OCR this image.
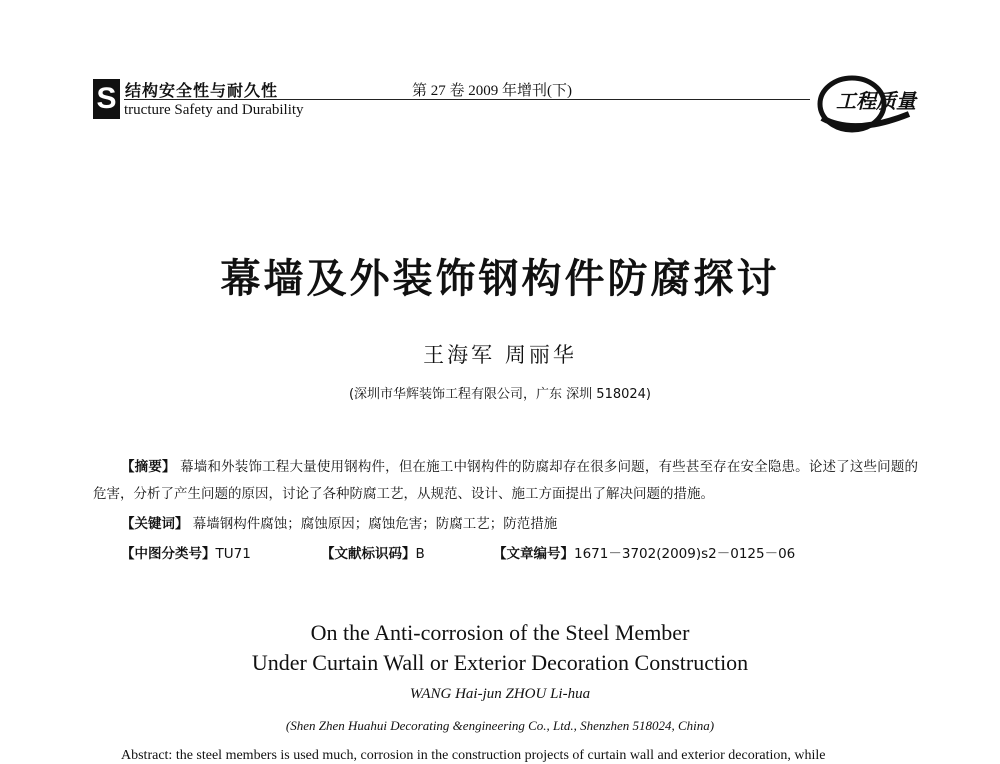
S 结构安全性与耐久性
tructure Safety and Durability
第 27 卷 2009 年增刊(下)	工程质量
幕墙及外装饰钢构件防腐探讨
王海军 周丽华
(深圳市华辉装饰工程有限公司，广东 深圳 518024)
【摘要】 幕墙和外装饰工程大量使用钢构件，但在施工中钢构件的防腐却存在很多问题，有些甚至存在安全隐患。论述了这些问题的危害，分析了产生问题的原因，讨论了各种防腐工艺，从规范、设计、施工方面提出了解决问题的措施。
【关键词】 幕墙钢构件腐蚀；腐蚀原因；腐蚀危害；防腐工艺；防范措施
【中图分类号】TU71	【文献标识码】B	【文章编号】1671－3702(2009)s2－0125－06
On the Anti-corrosion of the Steel Member
Under Curtain Wall or Exterior Decoration Construction
WANG Hai-jun ZHOU Li-hua
(Shen Zhen Huahui Decorating &engineering Co., Ltd., Shenzhen 518024, China)
Abstract: the steel members is used much, corrosion in the construction projects of curtain wall and exterior decoration, while
